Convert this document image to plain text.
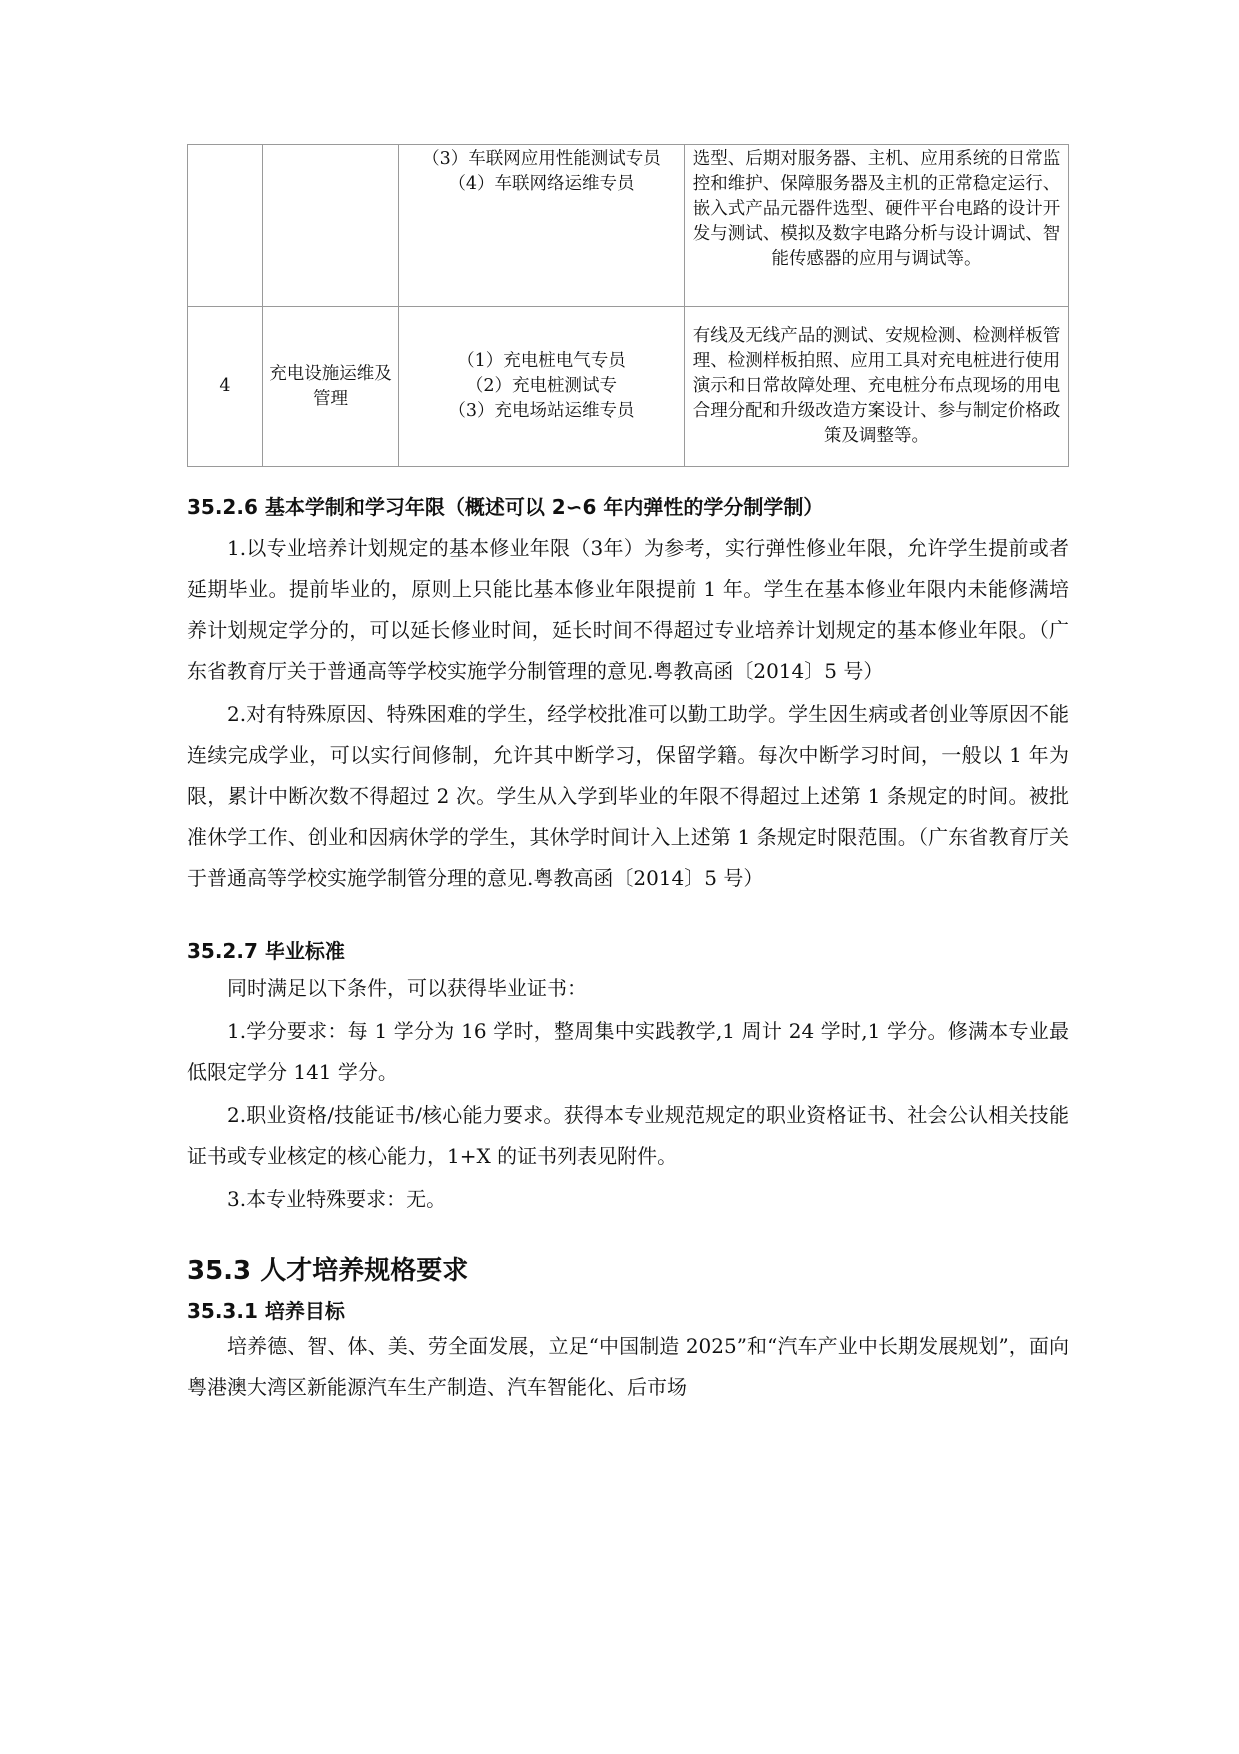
		（3）车联网应用性能测试专员
（4）车联网络运维专员	选型、后期对服务器、主机、应用系统的日常监控和维护、保障服务器及主机的正常稳定运行、嵌入式产品元器件选型、硬件平台电路的设计开发与测试、模拟及数字电路分析与设计调试、智能传感器的应用与调试等。
4	充电设施运维及管理	（1）充电桩电气专员
（2）充电桩测试专
（3）充电场站运维专员	有线及无线产品的测试、安规检测、检测样板管理、检测样板拍照、应用工具对充电桩进行使用演示和日常故障处理、充电桩分布点现场的用电合理分配和升级改造方案设计、参与制定价格政策及调整等。
35.2.6 基本学制和学习年限（概述可以 2∽6 年内弹性的学分制学制）

1.以专业培养计划规定的基本修业年限（3年）为参考，实行弹性修业年限，允许学生提前或者延期毕业。提前毕业的，原则上只能比基本修业年限提前 1 年。学生在基本修业年限内未能修满培养计划规定学分的，可以延长修业时间，延长时间不得超过专业培养计划规定的基本修业年限。（广东省教育厅关于普通高等学校实施学分制管理的意见.粤教高函〔2014〕5 号）

2.对有特殊原因、特殊困难的学生，经学校批准可以勤工助学。学生因生病或者创业等原因不能连续完成学业，可以实行间修制，允许其中断学习，保留学籍。每次中断学习时间，一般以 1 年为限，累计中断次数不得超过 2 次。学生从入学到毕业的年限不得超过上述第 1 条规定的时间。被批准休学工作、创业和因病休学的学生，其休学时间计入上述第 1 条规定时限范围。（广东省教育厅关于普通高等学校实施学制管分理的意见.粤教高函〔2014〕5 号）

35.2.7 毕业标准

同时满足以下条件，可以获得毕业证书：

1.学分要求：每 1 学分为 16 学时，整周集中实践教学,1 周计 24 学时,1 学分。修满本专业最低限定学分 141 学分。

2.职业资格/技能证书/核心能力要求。获得本专业规范规定的职业资格证书、社会公认相关技能证书或专业核定的核心能力，1+X 的证书列表见附件。

3.本专业特殊要求：无。

35.3 人才培养规格要求
35.3.1 培养目标

培养德、智、体、美、劳全面发展，立足“中国制造 2025”和“汽车产业中长期发展规划”，面向粤港澳大湾区新能源汽车生产制造、汽车智能化、后市场
